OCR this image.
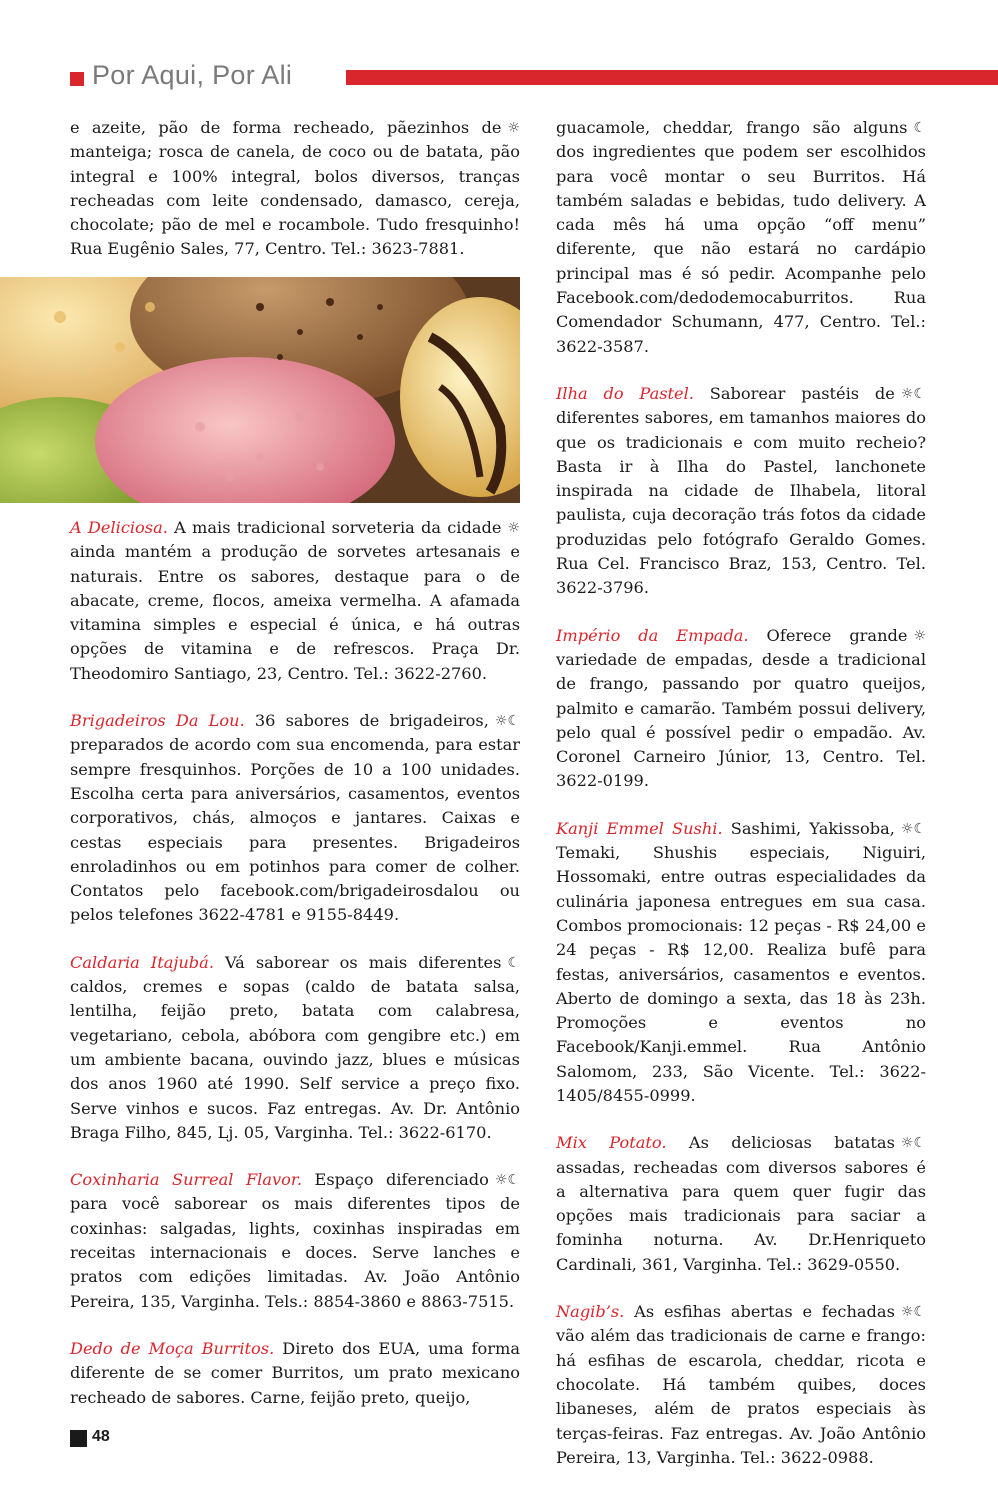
Por Aqui, Por Ali

☼
e azeite, pão de forma recheado, pãezinhos de manteiga; rosca de canela, de coco ou de batata, pão integral e 100% integral, bolos diversos, tranças recheadas com leite condensado, damasco, cereja, chocolate; pão de mel e rocambole. Tudo fresquinho! Rua Eugênio Sales, 77, Centro. Tel.: 3623-7881.

☼
A Deliciosa. A mais tradicional sorveteria da cidade ainda mantém a produção de sorvetes artesanais e naturais. Entre os sabores, destaque para o de abacate, creme, flocos, ameixa vermelha. A afamada vitamina simples e especial é única, e há outras opções de vitamina e de refrescos. Praça Dr. Theodomiro Santiago, 23, Centro. Tel.: 3622-2760.

☼☾
Brigadeiros Da Lou. 36 sabores de brigadeiros, preparados de acordo com sua encomenda, para estar sempre fresquinhos. Porções de 10 a 100 unidades. Escolha certa para aniversários, casamentos, eventos corporativos, chás, almoços e jantares. Caixas e cestas especiais para presentes. Brigadeiros enroladinhos ou em potinhos para comer de colher. Contatos pelo facebook.com/brigadeirosdalou ou pelos telefones 3622-4781 e 9155-8449.

☾
Caldaria Itajubá. Vá saborear os mais diferentes caldos, cremes e sopas (caldo de batata salsa, lentilha, feijão preto, batata com calabresa, vegetariano, cebola, abóbora com gengibre etc.) em um ambiente bacana, ouvindo jazz, blues e músicas dos anos 1960 até 1990. Self service a preço fixo. Serve vinhos e sucos. Faz entregas. Av. Dr. Antônio Braga Filho, 845, Lj. 05, Varginha. Tel.: 3622-6170.

☼☾
Coxinharia Surreal Flavor. Espaço diferenciado para você saborear os mais diferentes tipos de coxinhas: salgadas, lights, coxinhas inspiradas em receitas internacionais e doces. Serve lanches e pratos com edições limitadas. Av. João Antônio Pereira, 135, Varginha. Tels.: 8854-3860 e 8863-7515.

Dedo de Moça Burritos. Direto dos EUA, uma forma diferente de se comer Burritos, um prato mexicano recheado de sabores. Carne, feijão preto, queijo,

☾
guacamole, cheddar, frango são alguns dos ingredientes que podem ser escolhidos para você montar o seu Burritos. Há também saladas e bebidas, tudo delivery. A cada mês há uma opção “off menu” diferente, que não estará no cardápio principal mas é só pedir. Acompanhe pelo Facebook.com/dedodemocaburritos. Rua Comendador Schumann, 477, Centro. Tel.: 3622-3587.

☼☾
Ilha do Pastel. Saborear pastéis de diferentes sabores, em tamanhos maiores do que os tradicionais e com muito recheio? Basta ir à Ilha do Pastel, lanchonete inspirada na cidade de Ilhabela, litoral paulista, cuja decoração trás fotos da cidade produzidas pelo fotógrafo Geraldo Gomes. Rua Cel. Francisco Braz, 153, Centro. Tel. 3622-3796.

☼
Império da Empada. Oferece grande variedade de empadas, desde a tradicional de frango, passando por quatro queijos, palmito e camarão. Também possui delivery, pelo qual é possível pedir o empadão. Av. Coronel Carneiro Júnior, 13, Centro. Tel. 3622-0199.

☼☾
Kanji Emmel Sushi. Sashimi, Yakissoba, Temaki, Shushis especiais, Niguiri, Hossomaki, entre outras especialidades da culinária japonesa entregues em sua casa. Combos promocionais: 12 peças - R$ 24,00 e 24 peças - R$ 12,00. Realiza bufê para festas, aniversários, casamentos e eventos. Aberto de domingo a sexta, das 18 às 23h. Promoções e eventos no Facebook/Kanji.emmel. Rua Antônio Salomom, 233, São Vicente. Tel.: 3622-1405/8455-0999.

☼☾
Mix Potato. As deliciosas batatas assadas, recheadas com diversos sabores é a alternativa para quem quer fugir das opções mais tradicionais para saciar a fominha noturna. Av. Dr.Henriqueto Cardinali, 361, Varginha. Tel.: 3629-0550.

☼☾
Nagib’s. As esfihas abertas e fechadas vão além das tradicionais de carne e frango: há esfihas de escarola, cheddar, ricota e chocolate. Há também quibes, doces libaneses, além de pratos especiais às terças-feiras. Faz entregas. Av. João Antônio Pereira, 13, Varginha. Tel.: 3622-0988.

48
